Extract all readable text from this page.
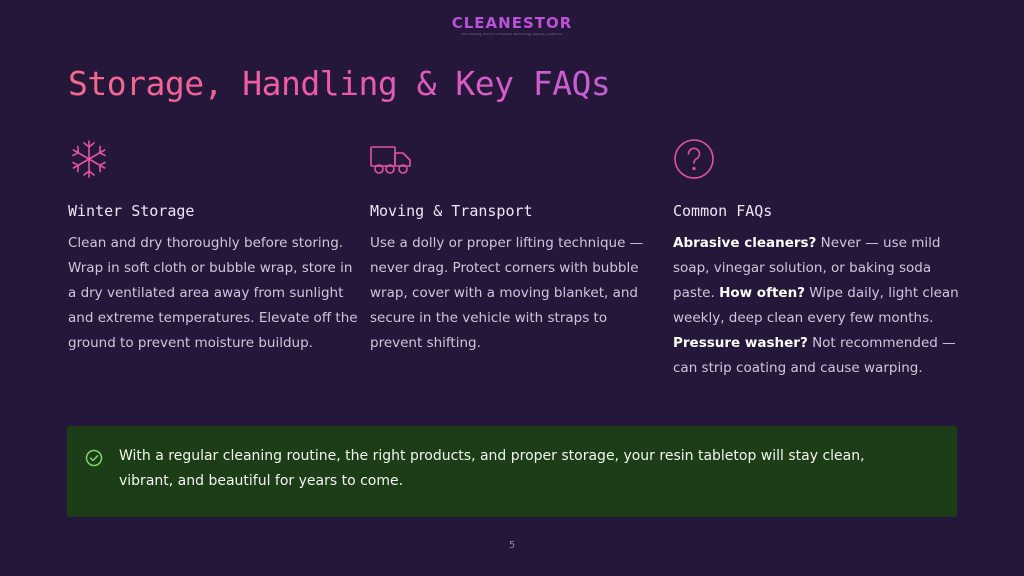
CLEANESTOR
The leading choice in Flexible Technology delivery platform
Storage, Handling & Key FAQs
Winter Storage

Clean and dry thoroughly before storing. Wrap in soft cloth or bubble wrap, store in a dry ventilated area away from sunlight and extreme temperatures. Elevate off the ground to prevent moisture buildup.

Moving & Transport

Use a dolly or proper lifting technique — never drag. Protect corners with bubble wrap, cover with a moving blanket, and secure in the vehicle with straps to prevent shifting.

Common FAQs

Abrasive cleaners? Never — use mild soap, vinegar solution, or baking soda paste. How often? Wipe daily, light clean weekly, deep clean every few months. Pressure washer? Not recommended — can strip coating and cause warping.

With a regular cleaning routine, the right products, and proper storage, your resin tabletop will stay clean, vibrant, and beautiful for years to come.

5
